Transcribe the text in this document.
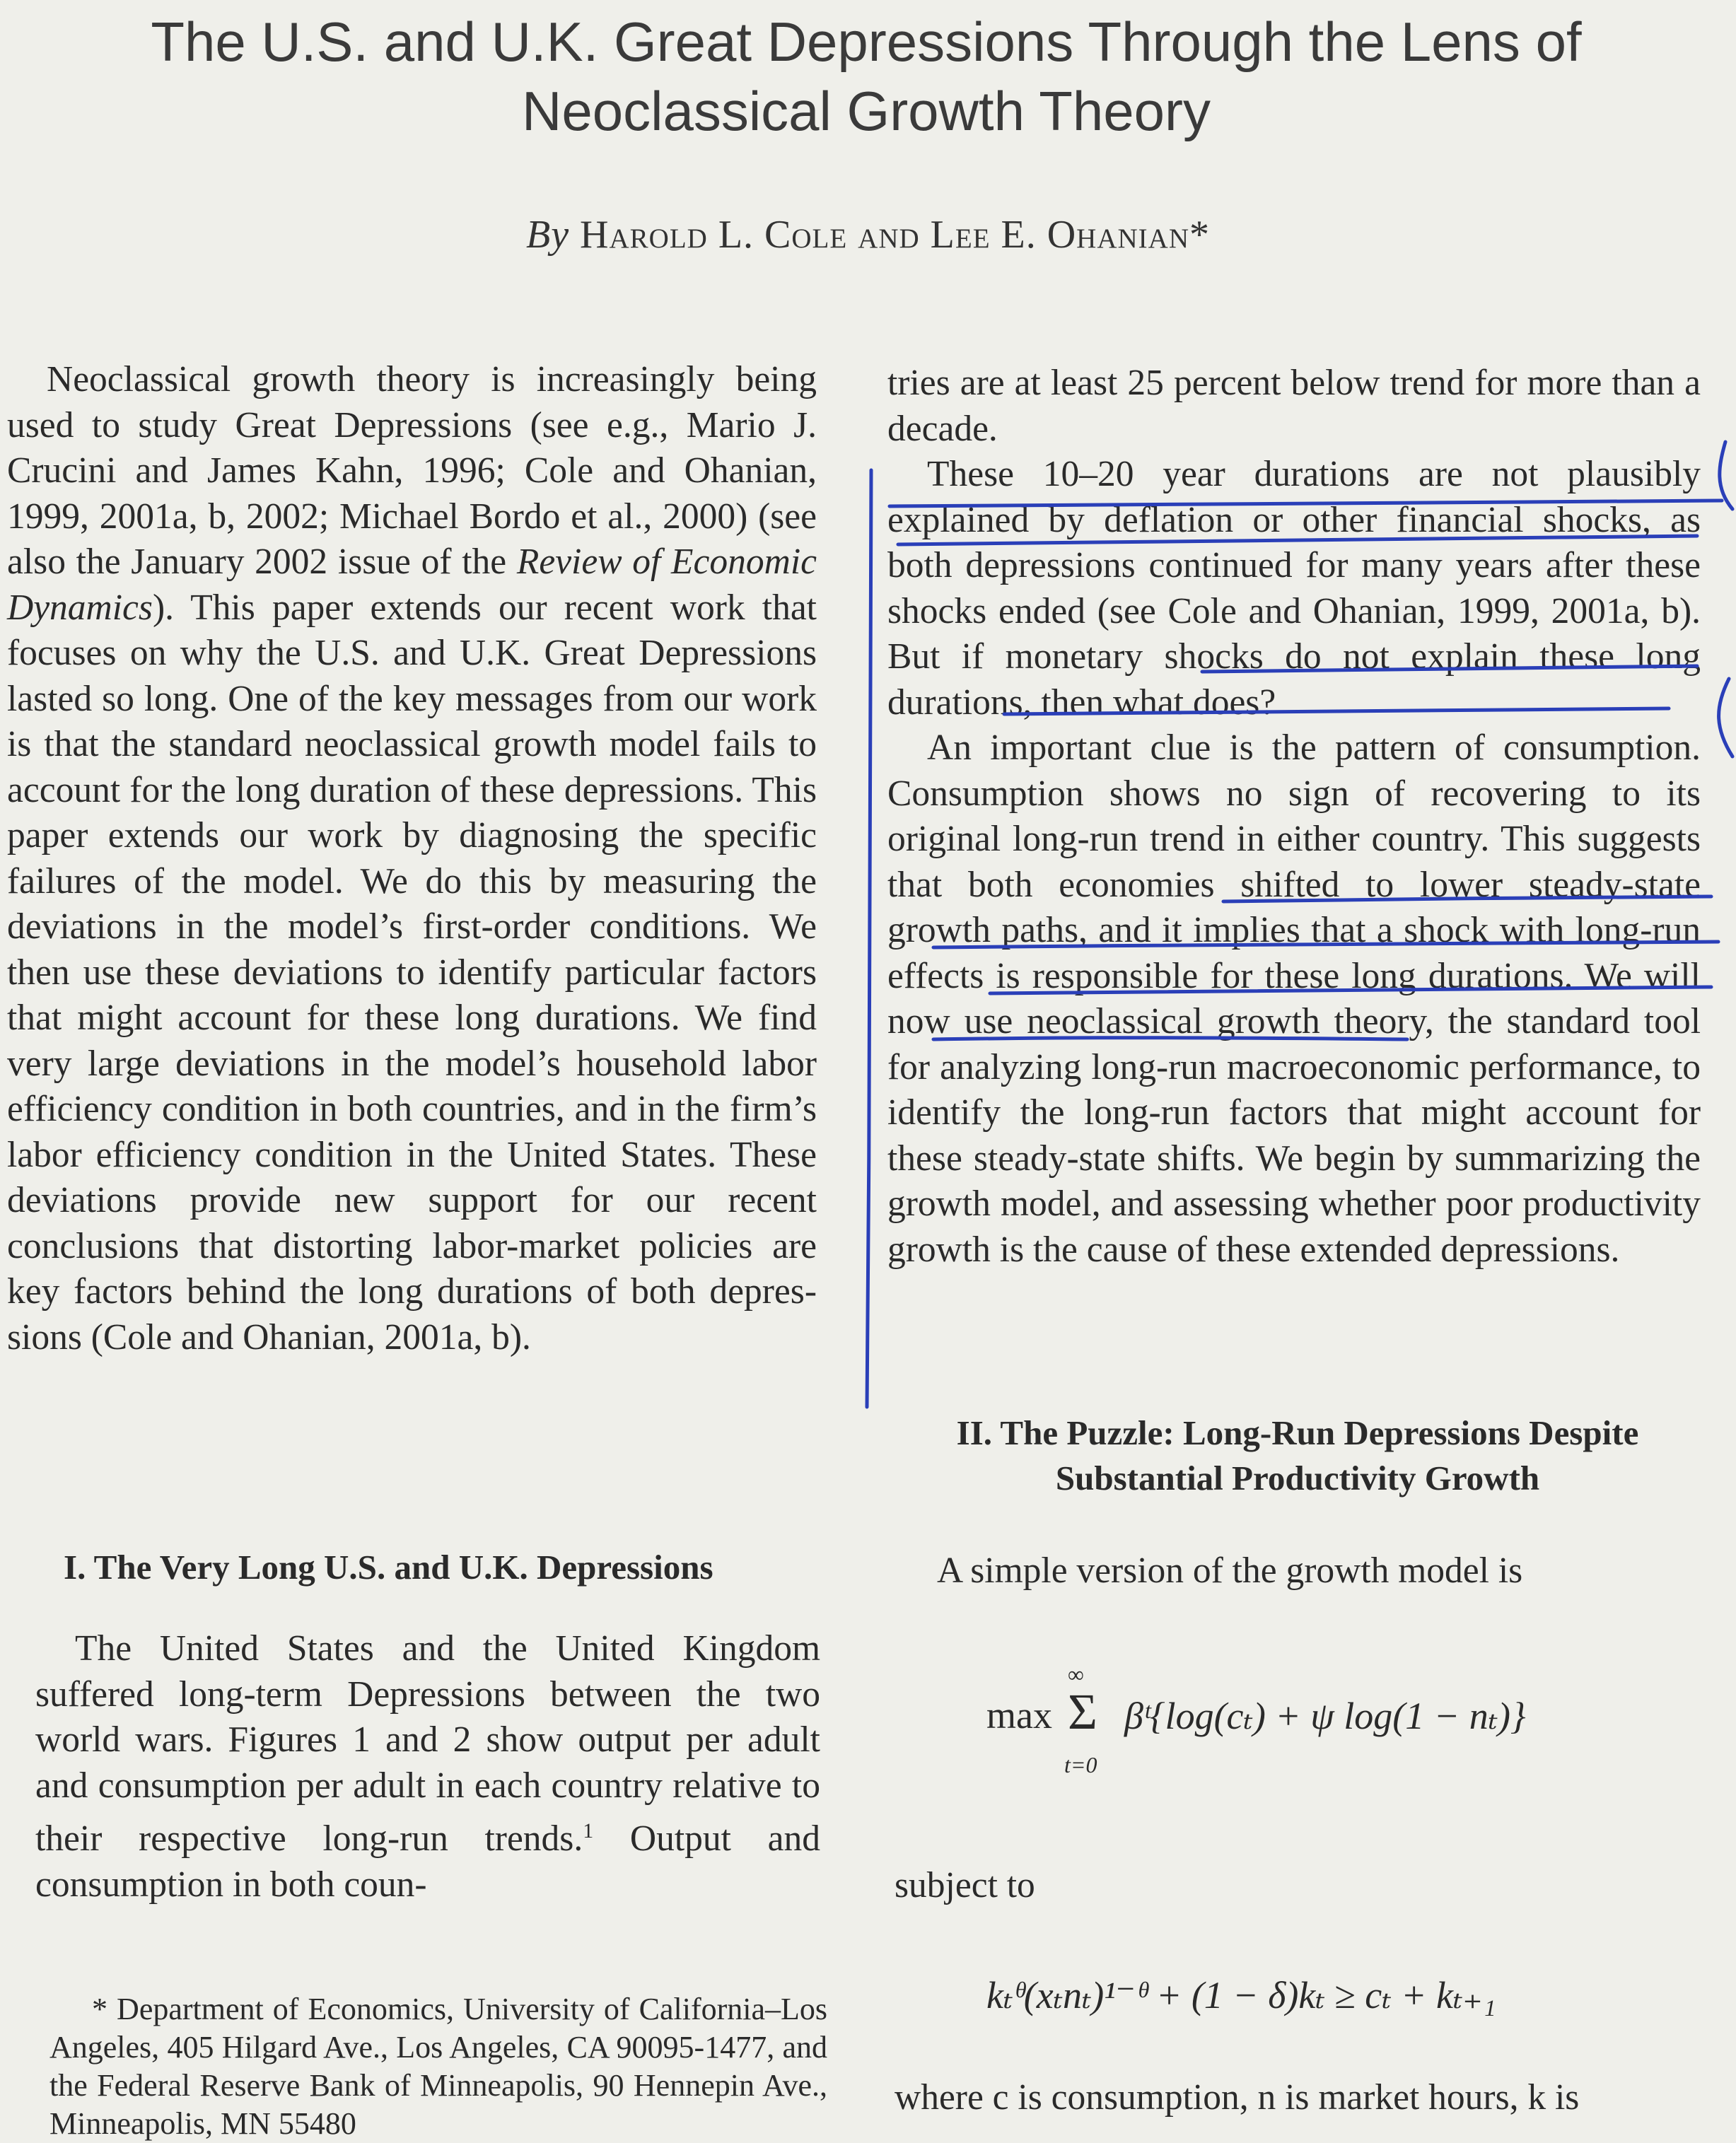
The U.S. and U.K. Great Depressions Through the Lens of Neoclassical Growth Theory
By Harold L. Cole and Lee E. Ohanian*

Neoclassical growth theory is increasingly being used to study Great Depressions (see e.g., Mario J. Crucini and James Kahn, 1996; Cole and Ohanian, 1999, 2001a, b, 2002; Michael Bordo et al., 2000) (see also the January 2002 issue of the Review of Economic Dynamics). This paper extends our recent work that focuses on why the U.S. and U.K. Great Depressions lasted so long. One of the key messages from our work is that the standard neoclassical growth model fails to account for the long duration of these depressions. This paper extends our work by diagnosing the specific failures of the model. We do this by measuring the deviations in the model’s first-order conditions. We then use these deviations to identify particular factors that might account for these long durations. We find very large deviations in the model’s household labor efficiency condition in both countries, and in the firm’s labor efficiency condition in the United States. These deviations provide new support for our recent conclusions that distorting labor-market policies are key factors behind the long durations of both depressions (Cole and Ohanian, 2001a, b).

I. The Very Long U.S. and U.K. Depressions

The United States and the United Kingdom suffered long-term Depressions between the two world wars. Figures 1 and 2 show output per adult and consumption per adult in each country relative to their respective long-run trends.$^1$ Output and consumption in both coun-

tries are at least 25 percent below trend for more than a decade.

These 10–20 year durations are not plausibly explained by deflation or other financial shocks, as both depressions continued for many years after these shocks ended (see Cole and Ohanian, 1999, 2001a, b). But if monetary shocks do not explain these long durations, then what does?

An important clue is the pattern of consumption. Consumption shows no sign of recovering to its original long-run trend in either country. This suggests that both economies shifted to lower steady-state growth paths, and it implies that a shock with long-run effects is responsible for these long durations. We will now use neoclassical growth theory, the standard tool for analyzing long-run macroeconomic performance, to identify the long-run factors that might account for these steady-state shifts. We begin by summarizing the growth model, and assessing whether poor productivity growth is the cause of these extended depressions.

II. The Puzzle: Long-Run Depressions Despite
Substantial Productivity Growth
A simple version of the growth model is
max
∞
Σ
t=0
βᵗ{log(cₜ) + ψ log(1 − nₜ)}
subject to
kₜᶿ(xₜnₜ)¹⁻ᶿ + (1 − δ)kₜ ≥ cₜ + kₜ₊₁
where c is consumption, n is market hours, k is

* Department of Economics, University of California–Los Angeles, 405 Hilgard Ave., Los Angeles, CA 90095-1477, and the Federal Reserve Bank of Minneapolis, 90 Hennepin Ave., Minneapolis, MN 55480
